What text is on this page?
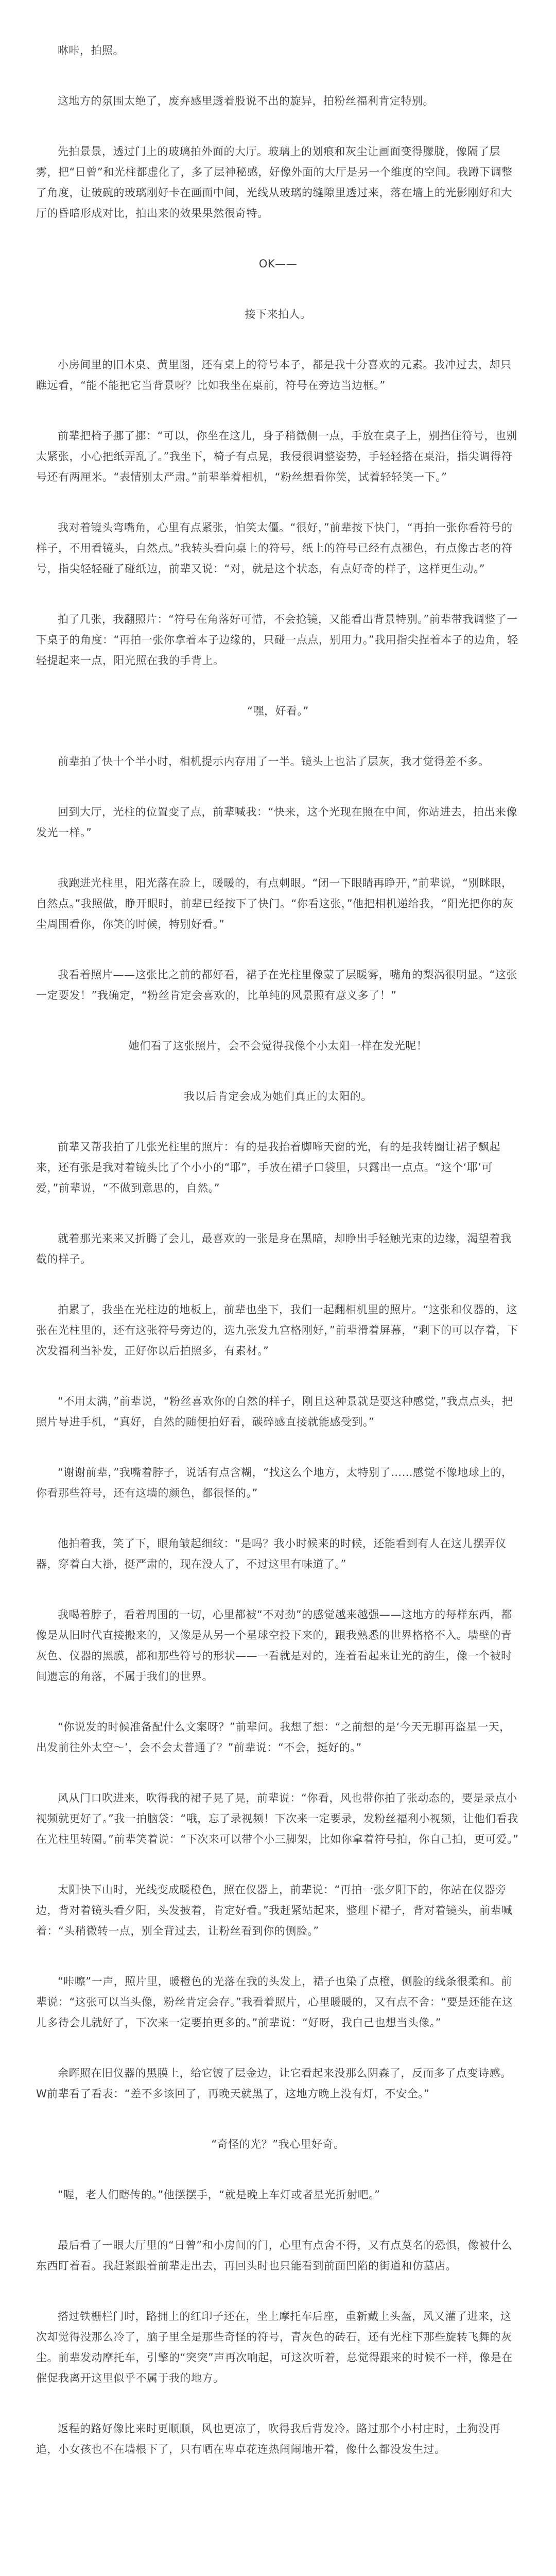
咻咔，拍照。

这地方的氛围太绝了，废弃感里透着股说不出的旋异，拍粉丝福利肯定特别。

先拍景景，透过门上的玻璃拍外面的大厅。玻璃上的划痕和灰尘让画面变得朦胧，像隔了层雾，把“日曾”和光柱都虚化了，多了层神秘感，好像外面的大厅是另一个维度的空间。我蹲下调整了角度，让破碗的玻璃刚好卡在画面中间，光线从玻璃的缝隙里透过来，落在墙上的光影刚好和大厅的昏暗形成对比，拍出来的效果果然很奇特。

OK——

接下来拍人。

小房间里的旧木桌、黄里图，还有桌上的符号本子，都是我十分喜欢的元素。我冲过去，却只瞧远看，“能不能把它当背景呀？比如我坐在桌前，符号在旁边当边框。”

前辈把椅子挪了挪：“可以，你坐在这儿，身子稍微侧一点，手放在桌子上，别挡住符号，也别太紧张，小心把纸弄乱了。”我坐下，椅子有点晃，我侵很调整姿势，手轻轻搭在桌沿，指尖调得符号还有两厘米。“表情别太严肃。”前辈举着相机，“粉丝想看你笑，试着轻轻笑一下。”

我对着镜头弯嘴角，心里有点紧张，怕笑太僵。“很好，”前辈按下快门，“再拍一张你看符号的样子，不用看镜头，自然点。”我转头看向桌上的符号，纸上的符号已经有点褪色，有点像古老的符号，指尖轻轻碰了碰纸边，前辈又说：“对，就是这个状态，有点好奇的样子，这样更生动。”

拍了几张，我翻照片：“符号在角落好可惜，不会抢镜，又能看出背景特别。”前辈带我调整了一下桌子的角度：“再拍一张你拿着本子边缘的，只碰一点点，别用力。”我用指尖捏着本子的边角，轻轻提起来一点，阳光照在我的手背上。

“嘿，好看。”

前辈拍了快十个半小时，相机提示内存用了一半。镜头上也沾了层灰，我才觉得差不多。

回到大厅，光柱的位置变了点，前辈喊我：“快来，这个光现在照在中间，你站进去，拍出来像发光一样。”

我跑进光柱里，阳光落在脸上，暖暖的，有点刺眼。“闭一下眼睛再睁开，”前辈说，“别眯眼，自然点。”我照做，睁开眼时，前辈已经按下了快门。“你看这张，”他把相机递给我，“阳光把你的灰尘周围看你，你笑的时候，特别好看。”

我看着照片——这张比之前的都好看，裙子在光柱里像蒙了层暖雾，嘴角的梨涡很明显。“这张一定要发！”我确定，“粉丝肯定会喜欢的，比单纯的风景照有意义多了！”

她们看了这张照片，会不会觉得我像个小太阳一样在发光呢！

我以后肯定会成为她们真正的太阳的。

前辈又帮我拍了几张光柱里的照片：有的是我抬着脚啼天窗的光，有的是我转圈让裙子飘起来，还有张是我对着镜头比了个小小的“耶”，手放在裙子口袋里，只露出一点点。“这个‘耶’可爱，”前辈说，“不做到意思的，自然。”

就着那光来来又折腾了会儿，最喜欢的一张是身在黑暗，却睁出手轻触光束的边缘，渴望着我截的样子。

拍累了，我坐在光柱边的地板上，前辈也坐下，我们一起翻相机里的照片。“这张和仪器的，这张在光柱里的，还有这张符号旁边的，选九张发九宫格刚好，”前辈滑着屏幕，“剩下的可以存着，下次发福利当补发，正好你以后拍照多，有素材。”

“不用太满，”前辈说，“粉丝喜欢你的自然的样子，刚且这种景就是要这种感觉，”我点点头，把照片导进手机，“真好，自然的随便拍好看，碳碎感直接就能感受到。”

“谢谢前辈，”我嘴着脖子，说话有点含糊，“找这么个地方，太特别了……感觉不像地球上的，你看那些符号，还有这墙的颜色，都很怪的。”

他拍着我，笑了下，眼角皱起细纹：“是吗？我小时候来的时候，还能看到有人在这儿摆弄仪器，穿着白大褂，挺严肃的，现在没人了，不过这里有味道了。”

我喝着脖子，看着周围的一切，心里都被“不对劲”的感觉越来越强——这地方的每样东西，都像是从旧时代直接搬来的，又像是从另一个星球空投下来的，跟我熟悉的世界格格不入。墙壁的青灰色、仪器的黑膜，都和那些符号的形状——一看就是对的，连着看起来让光的韵生，像一个被时间遗忘的角落，不属于我们的世界。

“你说发的时候准备配什么文案呀？”前辈问。我想了想：“之前想的是‘今天无聊再盗星一天，出发前往外太空～’，会不会太普通了？”前辈说：“不会，挺好的。”

风从门口吹进来，吹得我的裙子晃了晃，前辈说：“你看，风也带你拍了张动态的，要是录点小视频就更好了。”我一拍脑袋：“哦，忘了录视频！下次来一定要录，发粉丝福利小视频，让他们看我在光柱里转圈。”前辈笑着说：“下次来可以带个小三脚架，比如你拿着符号拍，你自己拍，更可爱。”

太阳快下山时，光线变成暖橙色，照在仪器上，前辈说：“再拍一张夕阳下的，你站在仪器旁边，背对着镜头看夕阳，头发披着，肯定好看。”我赶紧站起来，整理下裙子，背对着镜头，前辈喊着：“头稍微转一点，别全背过去，让粉丝看到你的侧脸。”

“咔嚓”一声，照片里，暖橙色的光落在我的头发上，裙子也染了点橙，侧脸的线条很柔和。前辈说：“这张可以当头像，粉丝肯定会存。”我看着照片，心里暖暖的，又有点不舍：“要是还能在这儿多待会儿就好了，下次来一定要拍更多的。”前辈说：“好呀，我白己也想当头像。”

余晖照在旧仪器的黑膜上，给它镀了层金边，让它看起来没那么阴森了，反而多了点变诗感。W前辈看了看表：“差不多该回了，再晚天就黑了，这地方晚上没有灯，不安全。”

“奇怪的光？”我心里好奇。

“喔，老人们瞎传的。”他摆摆手，“就是晚上车灯或者星光折射吧。”

最后看了一眼大厅里的“日曾”和小房间的门，心里有点舍不得，又有点莫名的恐惧，像被什么东西盯着看。我赶紧跟着前辈走出去，再回头时也只能看到前面凹陷的街道和仿墓店。

搭过铁栅栏门时，路拥上的红印子还在，坐上摩托车后座，重新戴上头盔，风又灌了进来，这次却觉得没那么冷了，脑子里全是那些奇怪的符号，青灰色的砖石，还有光柱下那些旋转飞舞的灰尘。前辈发动摩托车，引擎的“突突”声再次响起，可这次听着，总觉得跟来的时候不一样，像是在催促我离开这里似乎不属于我的地方。

返程的路好像比来时更顺顺，风也更凉了，吹得我后背发冷。路过那个小村庄时，土狗没再追，小女孩也不在墙根下了，只有晒在卑卓花连热闹闹地开着，像什么都没发生过。
